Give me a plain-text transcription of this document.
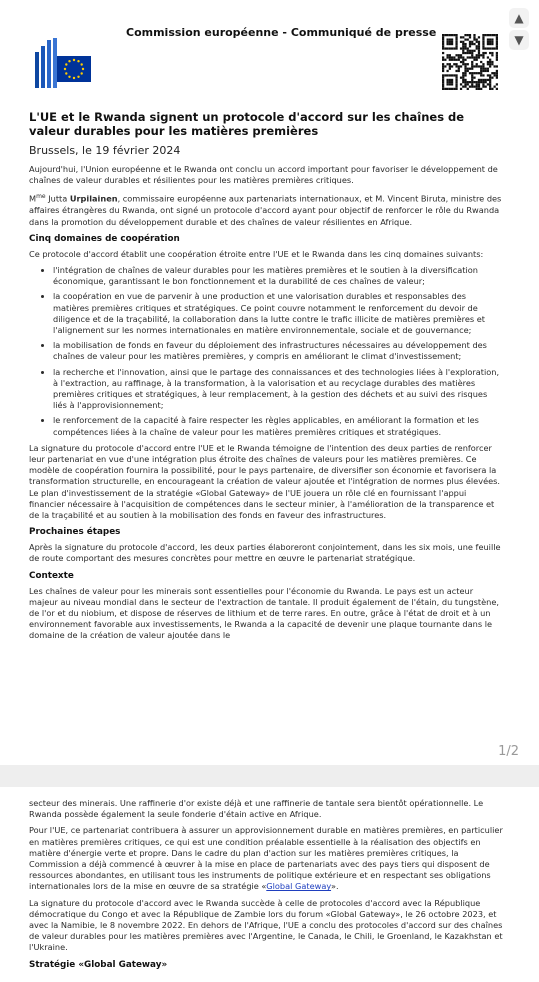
Commission européenne - Communiqué de presse
▲
▼
L'UE et le Rwanda signent un protocole d'accord sur les chaînes de valeur durables pour les matières premières
Brussels, le 19 février 2024

Aujourd'hui, l'Union européenne et le Rwanda ont conclu un accord important pour favoriser le développement de chaînes de valeur durables et résilientes pour les matières premières critiques.

$M^{me}$ Jutta Urpilainen, commissaire européenne aux partenariats internationaux, et M. Vincent Biruta, ministre des affaires étrangères du Rwanda, ont signé un protocole d'accord ayant pour objectif de renforcer le rôle du Rwanda dans la promotion du développement durable et des chaînes de valeur résilientes en Afrique.

Cinq domaines de coopération

Ce protocole d'accord établit une coopération étroite entre l'UE et le Rwanda dans les cinq domaines suivants:

• l'intégration de chaînes de valeur durables pour les matières premières et le soutien à la diversification économique, garantissant le bon fonctionnement et la durabilité de ces chaînes de valeur;
• la coopération en vue de parvenir à une production et une valorisation durables et responsables des matières premières critiques et stratégiques. Ce point couvre notamment le renforcement du devoir de diligence et de la traçabilité, la collaboration dans la lutte contre le trafic illicite de matières premières et l'alignement sur les normes internationales en matière environnementale, sociale et de gouvernance;
• la mobilisation de fonds en faveur du déploiement des infrastructures nécessaires au développement des chaînes de valeur pour les matières premières, y compris en améliorant le climat d'investissement;
• la recherche et l'innovation, ainsi que le partage des connaissances et des technologies liées à l'exploration, à l'extraction, au raffinage, à la transformation, à la valorisation et au recyclage durables des matières premières critiques et stratégiques, à leur remplacement, à la gestion des déchets et au suivi des risques liés à l'approvisionnement;
• le renforcement de la capacité à faire respecter les règles applicables, en améliorant la formation et les compétences liées à la chaîne de valeur pour les matières premières critiques et stratégiques.

La signature du protocole d'accord entre l'UE et le Rwanda témoigne de l'intention des deux parties de renforcer leur partenariat en vue d'une intégration plus étroite des chaînes de valeurs pour les matières premières. Ce modèle de coopération fournira la possibilité, pour le pays partenaire, de diversifier son économie et favorisera la transformation structurelle, en encourageant la création de valeur ajoutée et l'intégration de normes plus élevées. Le plan d'investissement de la stratégie «Global Gateway» de l'UE jouera un rôle clé en fournissant l'appui financier nécessaire à l'acquisition de compétences dans le secteur minier, à l'amélioration de la transparence et de la traçabilité et au soutien à la mobilisation des fonds en faveur des infrastructures.

Prochaines étapes

Après la signature du protocole d'accord, les deux parties élaboreront conjointement, dans les six mois, une feuille de route comportant des mesures concrètes pour mettre en œuvre le partenariat stratégique.

Contexte

Les chaînes de valeur pour les minerais sont essentielles pour l'économie du Rwanda. Le pays est un acteur majeur au niveau mondial dans le secteur de l'extraction de tantale. Il produit également de l'étain, du tungstène, de l'or et du niobium, et dispose de réserves de lithium et de terre rares. En outre, grâce à l'état de droit et à un environnement favorable aux investissements, le Rwanda a la capacité de devenir une plaque tournante dans le domaine de la création de valeur ajoutée dans le

1/2

secteur des minerais. Une raffinerie d'or existe déjà et une raffinerie de tantale sera bientôt opérationnelle. Le Rwanda possède également la seule fonderie d'étain active en Afrique.

Pour l'UE, ce partenariat contribuera à assurer un approvisionnement durable en matières premières, en particulier en matières premières critiques, ce qui est une condition préalable essentielle à la réalisation des objectifs en matière d'énergie verte et propre. Dans le cadre du plan d'action sur les matières premières critiques, la Commission a déjà commencé à œuvrer à la mise en place de partenariats avec des pays tiers qui disposent de ressources abondantes, en utilisant tous les instruments de politique extérieure et en respectant ses obligations internationales lors de la mise en œuvre de sa stratégie «Global Gateway».

La signature du protocole d'accord avec le Rwanda succède à celle de protocoles d'accord avec la République démocratique du Congo et avec la République de Zambie lors du forum «Global Gateway», le 26 octobre 2023, et avec la Namibie, le 8 novembre 2022. En dehors de l'Afrique, l'UE a conclu des protocoles d'accord sur des chaînes de valeur durables pour les matières premières avec l'Argentine, le Canada, le Chili, le Groenland, le Kazakhstan et l'Ukraine.

Stratégie «Global Gateway»
